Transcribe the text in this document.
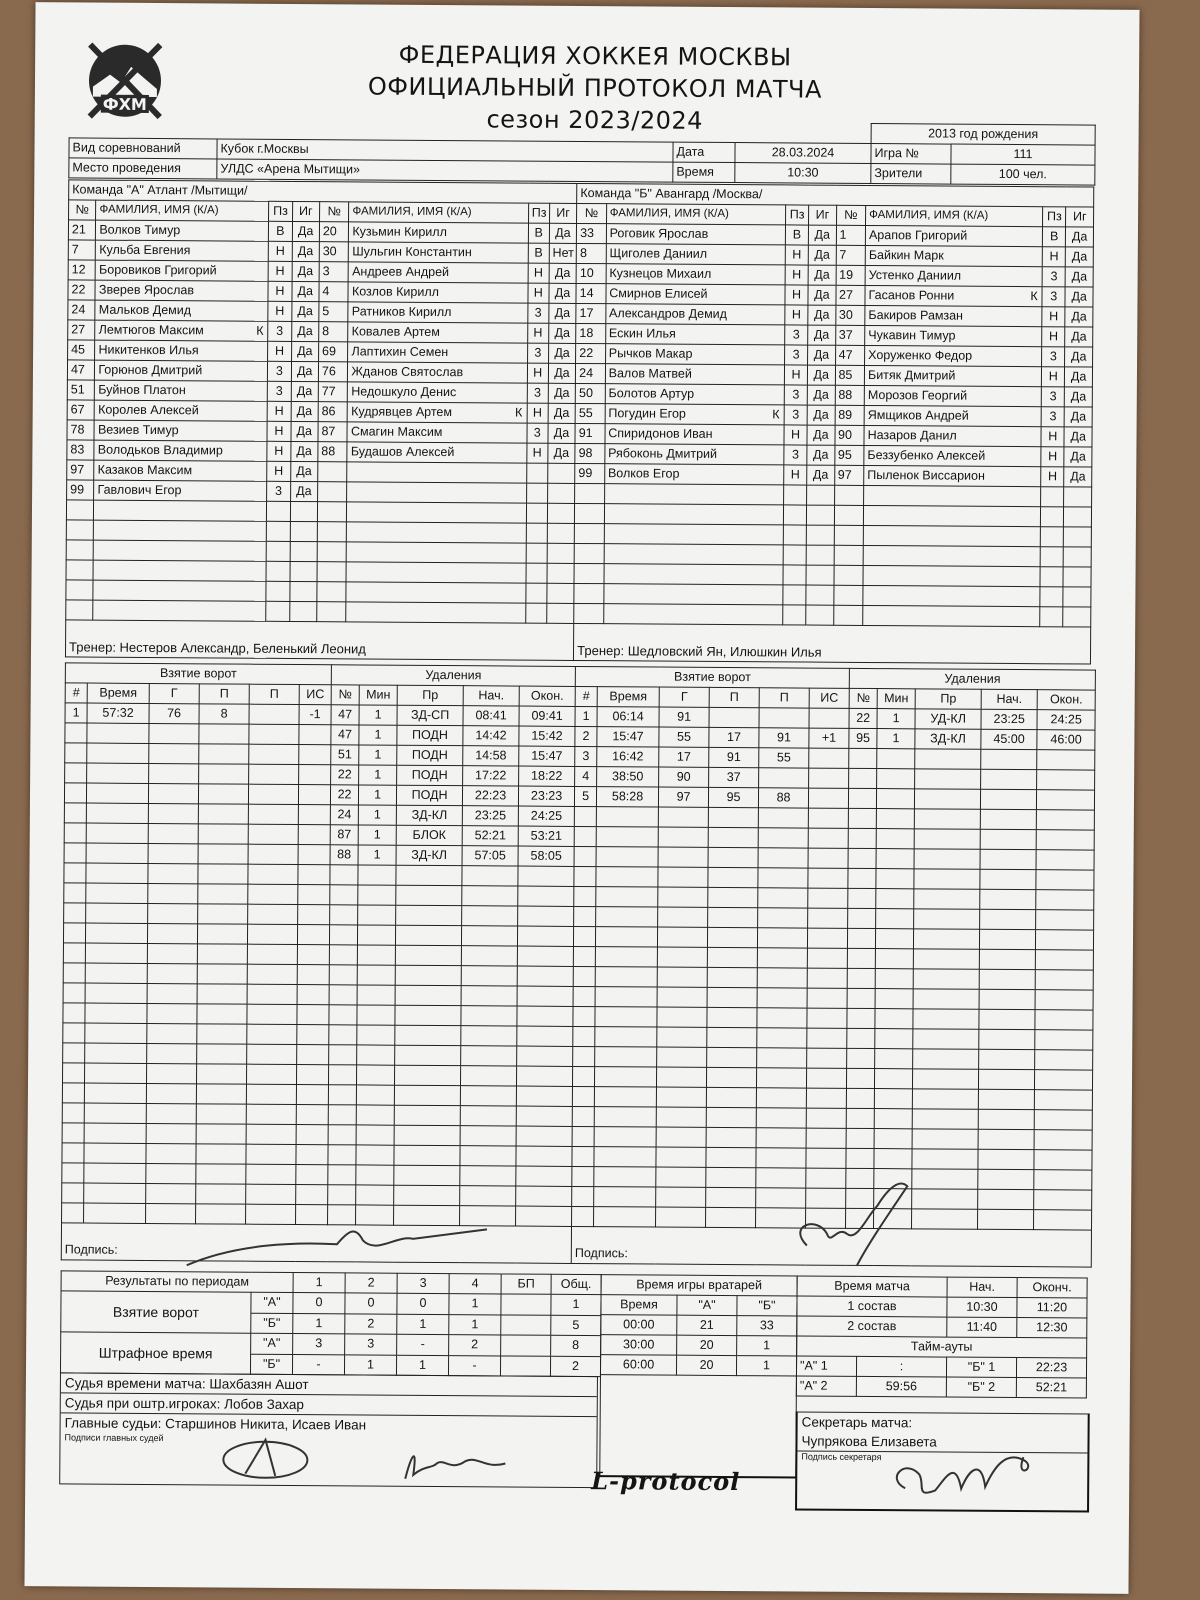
ФХМ
ФЕДЕРАЦИЯ ХОККЕЯ МОСКВЫ
ОФИЦИАЛЬНЫЙ ПРОТОКОЛ МАТЧА
сезон 2023/2024
				2013 год рождения	
Вид соревнований	Кубок г.Москвы	Дата	28.03.2024	Игра №	111
Место проведения	УЛДС «Арена Мытищи»	Время	10:30	Зрители	100 чел.
Команда "А" Атлант /Мытищи/								Команда "Б" Авангард /Москва/							
№	ФАМИЛИЯ, ИМЯ (К/А)	Пз	Иг	№	ФАМИЛИЯ, ИМЯ (К/А)	Пз	Иг	№	ФАМИЛИЯ, ИМЯ (К/А)	Пз	Иг	№	ФАМИЛИЯ, ИМЯ (К/А)	Пз	Иг
21	Волков Тимур	В	Да	20	Кузьмин Кирилл	В	Да	33	Роговик Ярослав	В	Да	1	Арапов Григорий	В	Да
7	Кульба Евгения	Н	Да	30	Шульгин Константин	В	Нет	8	Щиголев Даниил	Н	Да	7	Байкин Марк	Н	Да
12	Боровиков Григорий	Н	Да	3	Андреев Андрей	Н	Да	10	Кузнецов Михаил	Н	Да	19	Устенко Даниил	3	Да
22	Зверев Ярослав	Н	Да	4	Козлов Кирилл	Н	Да	14	Смирнов Елисей	Н	Да	27	Гасанов Ронни К	3	Да
24	Мальков Демид	Н	Да	5	Ратников Кирилл	3	Да	17	Александров Демид	Н	Да	30	Бакиров Рамзан	Н	Да
27	Лемтюгов Максим К	3	Да	8	Ковалев Артем	Н	Да	18	Ескин Илья	3	Да	37	Чукавин Тимур	Н	Да
45	Никитенков Илья	Н	Да	69	Лаптихин Семен	3	Да	22	Рычков Макар	3	Да	47	Хоруженко Федор	3	Да
47	Горюнов Дмитрий	3	Да	76	Жданов Святослав	Н	Да	24	Валов Матвей	Н	Да	85	Битяк Дмитрий	Н	Да
51	Буйнов Платон	3	Да	77	Недошкуло Денис	3	Да	50	Болотов Артур	3	Да	88	Морозов Георгий	3	Да
67	Королев Алексей	Н	Да	86	Кудрявцев Артем К	Н	Да	55	Погудин Егор К	3	Да	89	Ямщиков Андрей	3	Да
78	Везиев Тимур	Н	Да	87	Смагин Максим	3	Да	91	Спиридонов Иван	Н	Да	90	Назаров Данил	Н	Да
83	Володьков Владимир	Н	Да	88	Будашов Алексей	Н	Да	98	Рябоконь Дмитрий	3	Да	95	Беззубенко Алексей	Н	Да
97	Казаков Максим	Н	Да					99	Волков Егор	Н	Да	97	Пыленок Виссарион	Н	Да
99	Гавлович Егор	3	Да												

Тренер: Нестеров Александр, Беленький Леонид								Тренер: Шедловский Ян, Илюшкин Илья							
Взятие ворот						Удаления					Взятие ворот						Удаления				
#	Время	Г	П	П	ИС	№	Мин	Пр	Нач.	Окон.	#	Время	Г	П	П	ИС	№	Мин	Пр	Нач.	Окон.
1	57:32	76	8		-1	47	1	ЗД-СП	08:41	09:41	1	06:14	91				22	1	УД-КЛ	23:25	24:25
						47	1	ПОДН	14:42	15:42	2	15:47	55	17	91	+1	95	1	ЗД-КЛ	45:00	46:00
						51	1	ПОДН	14:58	15:47	3	16:42	17	91	55						
						22	1	ПОДН	17:22	18:22	4	38:50	90	37							
						22	1	ПОДН	22:23	23:23	5	58:28	97	95	88						
						24	1	ЗД-КЛ	23:25	24:25											
						87	1	БЛОК	52:21	53:21											
						88	1	ЗД-КЛ	57:05	58:05											

Подпись:											Подпись:										
Результаты по периодам		1	2	3	4	БП	Общ.
Взятие ворот	"А"	0	0	0	1		1
	"Б"	1	2	1	1		5
Штрафное время	"А"	3	3	-	2		8
	"Б"	-	1	1	-		2
Время игры вратарей		
Время	"А"	"Б"
00:00	21	33
30:00	20	1
60:00	20	1

Время матча		Нач.	Оконч.
1 состав		10:30	11:20
2 состав		11:40	12:30
Тайм-ауты			
"А" 1	:	"Б" 1	22:23
"А" 2	59:56	"Б" 2	52:21
Судья времени матча: Шахбазян Ашот
Судья при оштр.игроках: Лобов Захар
Главные судьи: Старшинов Никита, Исаев Иван
Подписи главных судей
L-protocol
Секретарь матча:
Чупрякова Елизавета
Подпись секретаря
